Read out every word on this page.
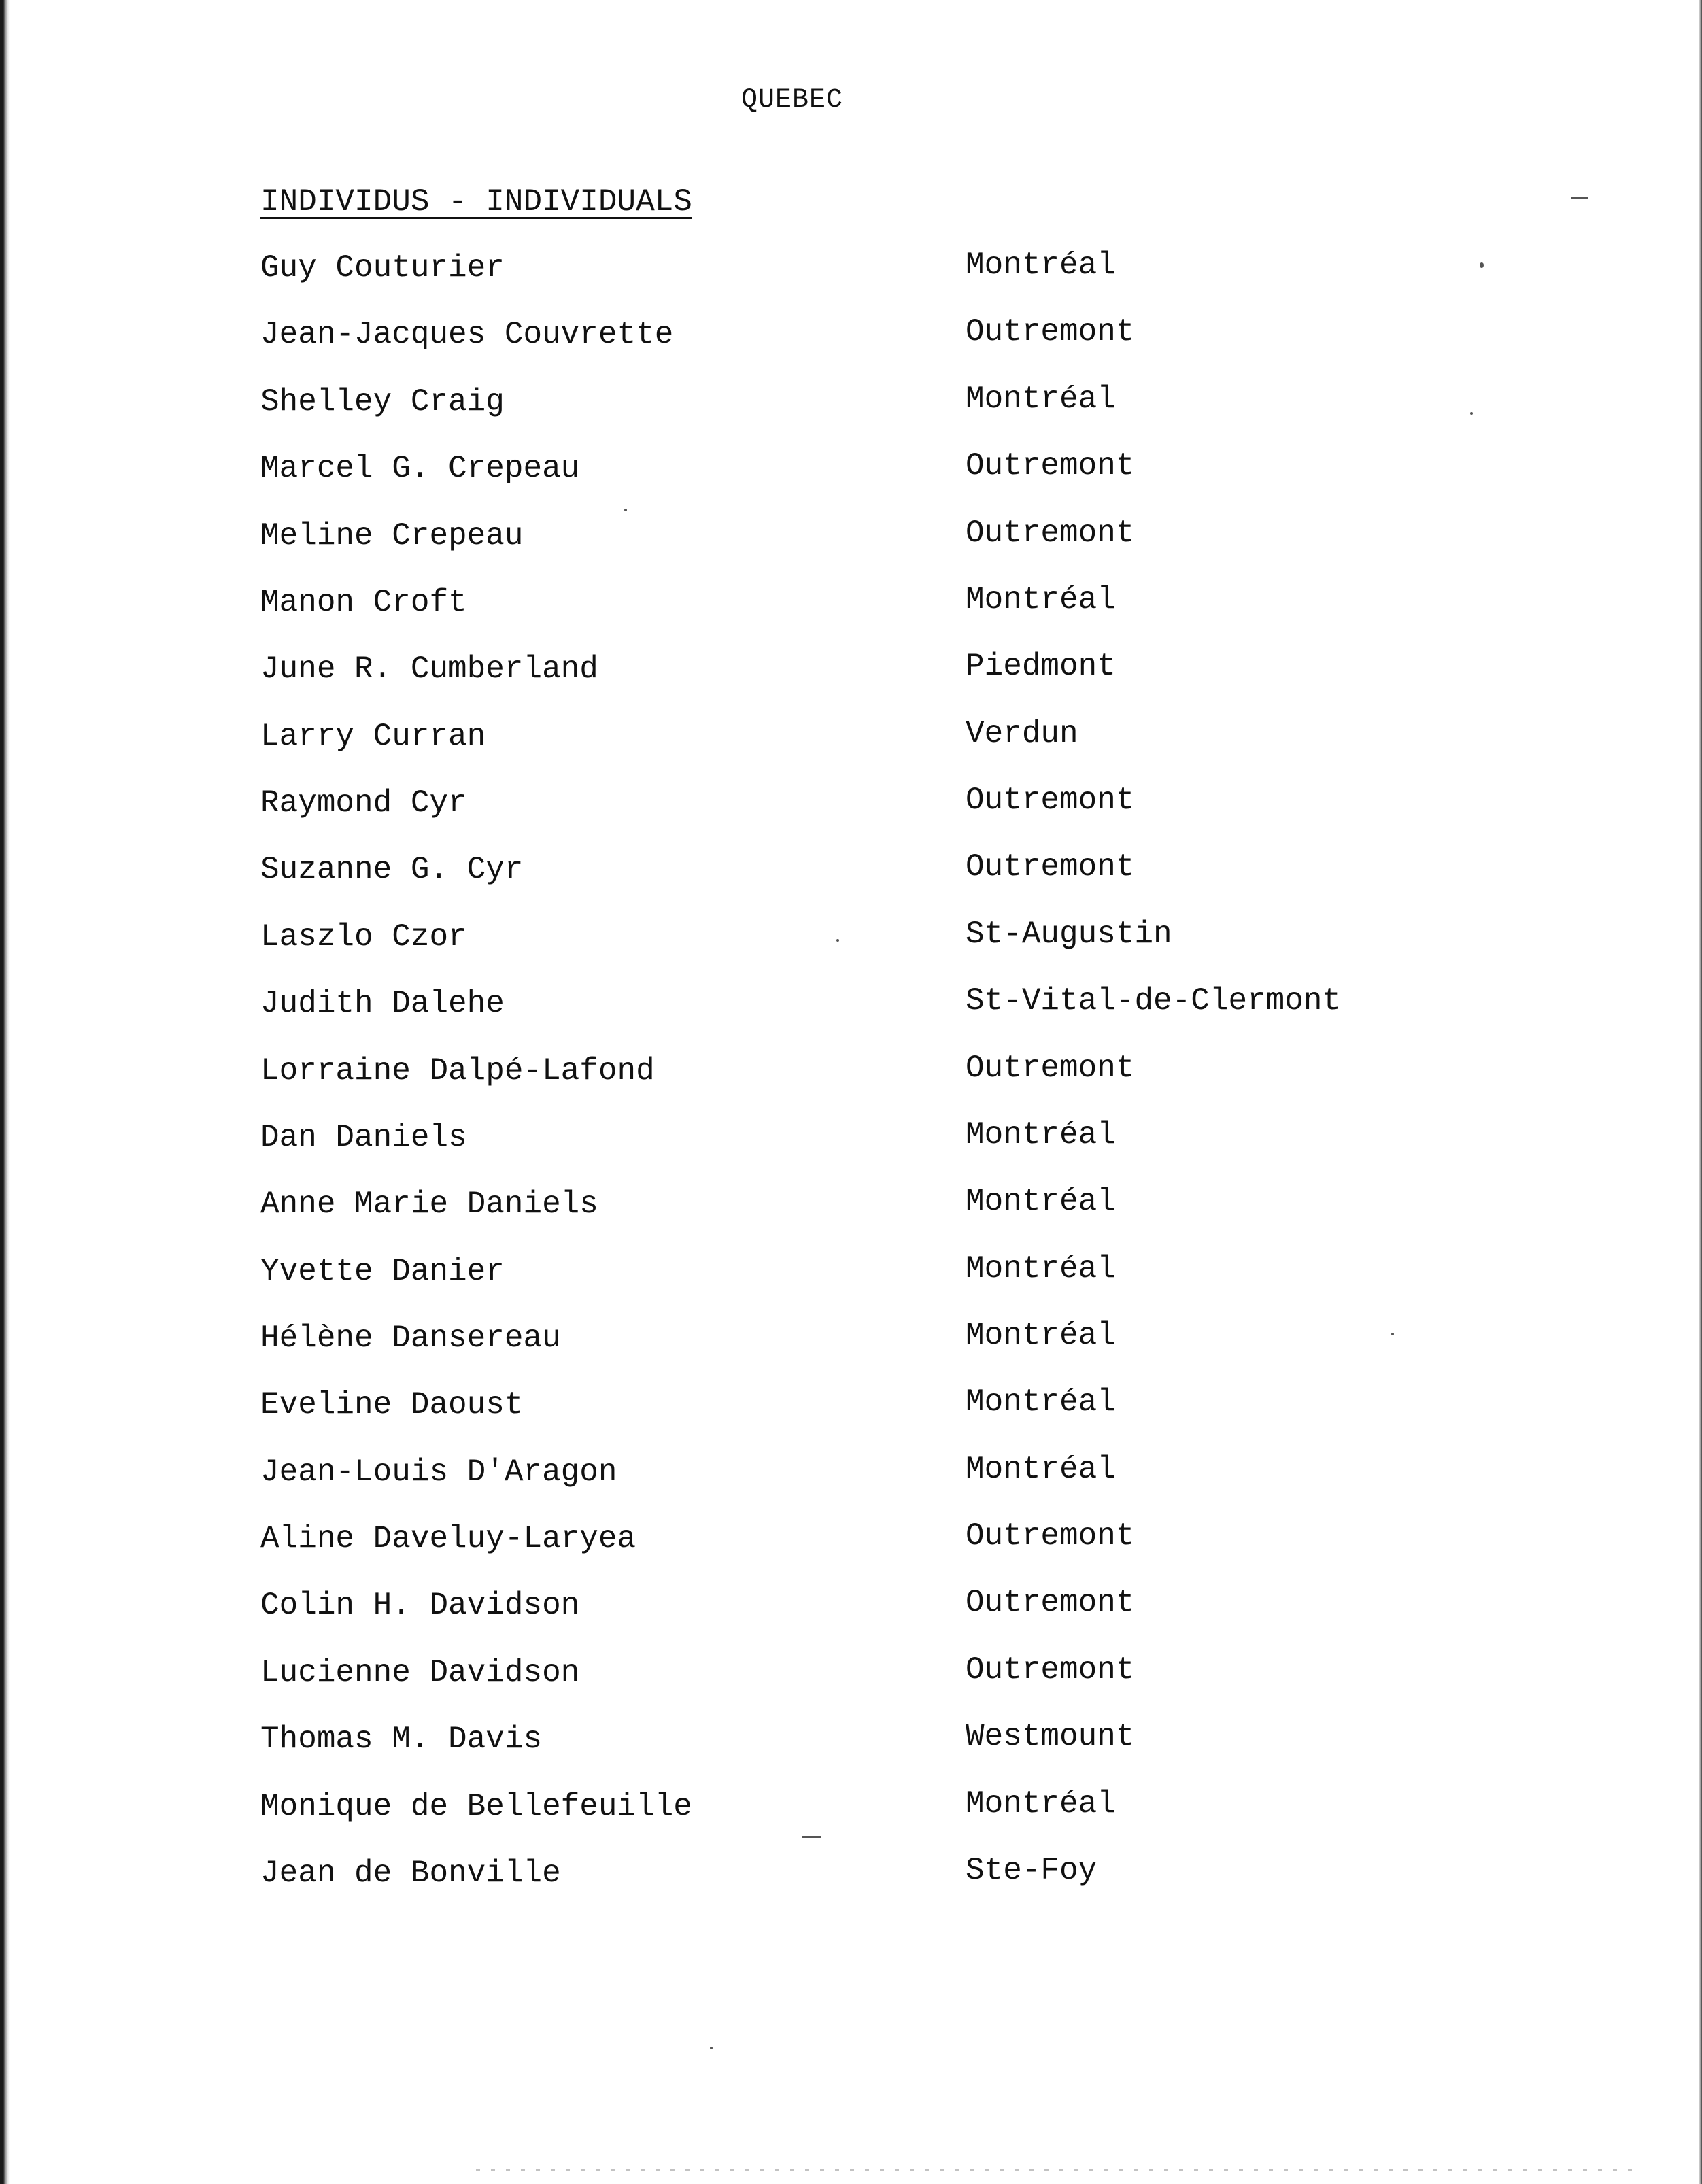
QUEBEC
INDIVIDUS - INDIVIDUALS
Guy Couturier	Montréal
Jean-Jacques Couvrette	Outremont
Shelley Craig	Montréal
Marcel G. Crepeau	Outremont
Meline Crepeau	Outremont
Manon Croft	Montréal
June R. Cumberland	Piedmont
Larry Curran	Verdun
Raymond Cyr	Outremont
Suzanne G. Cyr	Outremont
Laszlo Czor	St-Augustin
Judith Dalehe	St-Vital-de-Clermont
Lorraine Dalpé-Lafond	Outremont
Dan Daniels	Montréal
Anne Marie Daniels	Montréal
Yvette Danier	Montréal
Hélène Dansereau	Montréal
Eveline Daoust	Montréal
Jean-Louis D'Aragon	Montréal
Aline Daveluy-Laryea	Outremont
Colin H. Davidson	Outremont
Lucienne Davidson	Outremont
Thomas M. Davis	Westmount
Monique de Bellefeuille	Montréal
Jean de Bonville	Ste-Foy
